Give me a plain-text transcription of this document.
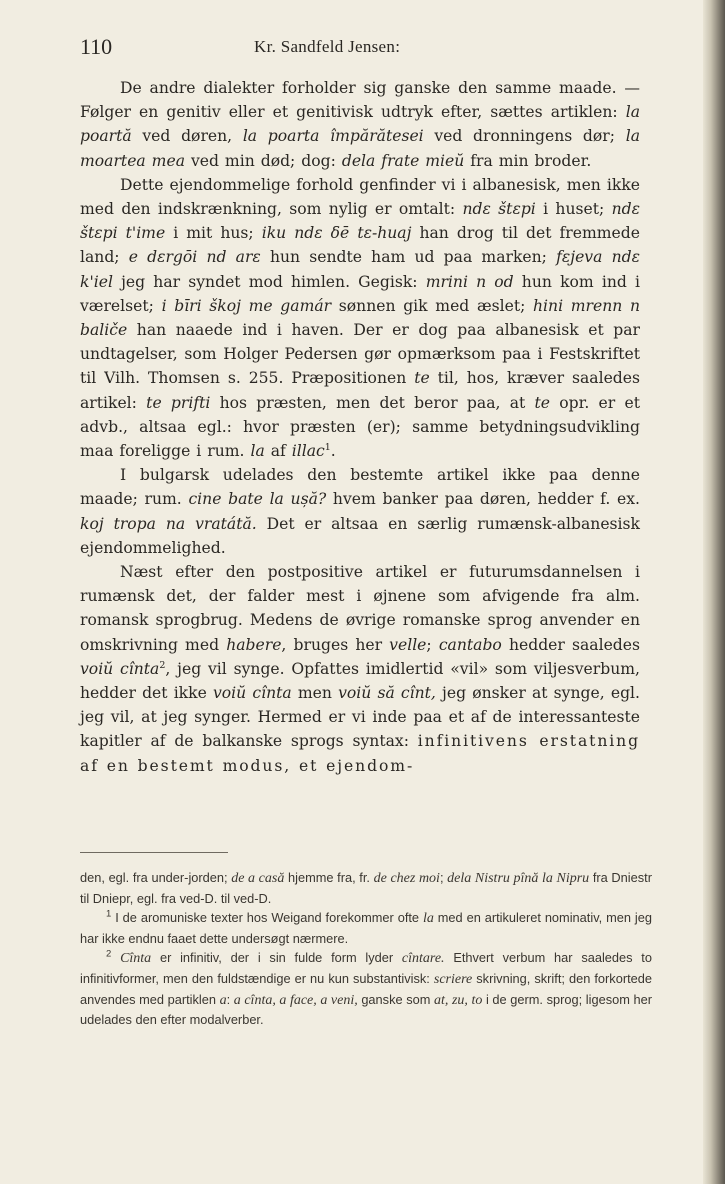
110	Kr. Sandfeld Jensen:

De andre dialekter forholder sig ganske den samme maade. — Følger en genitiv eller et genitivisk udtryk efter, sættes artiklen: la poartă ved døren, la poarta împărătesei ved dronningens dør; la moartea mea ved min død; dog: dela frate mieŭ fra min broder.

Dette ejendommelige forhold genfinder vi i albanesisk, men ikke med den indskrænkning, som nylig er omtalt: ndε štεpi i huset; ndε štεpi t'ime i mit hus; iku ndε δē tε-huaj han drog til det fremmede land; e dεrgōi nd arε hun sendte ham ud paa marken; fεjeva ndε k'iel jeg har syndet mod himlen. Gegisk: mrini n od hun kom ind i værelset; i bīri škoj me gamár sønnen gik med æslet; hini mrenn n baliče han naaede ind i haven. Der er dog paa albanesisk et par undtagelser, som Holger Pedersen gør opmærksom paa i Festskriftet til Vilh. Thomsen s. 255. Præpositionen te til, hos, kræver saaledes artikel: te prifti hos præsten, men det beror paa, at te opr. er et advb., altsaa egl.: hvor præsten (er); samme betydningsudvikling maa foreligge i rum. la af illac$^1$.

I bulgarsk udelades den bestemte artikel ikke paa denne maade; rum. cine bate la ușă? hvem banker paa døren, hedder f. ex. koj tropa na vratátă. Det er altsaa en særlig rumænsk-albanesisk ejendommelighed.

Næst efter den postpositive artikel er futurumsdannelsen i rumænsk det, der falder mest i øjnene som afvigende fra alm. romansk sprogbrug. Medens de øvrige romanske sprog anvender en omskrivning med habere, bruges her velle; cantabo hedder saaledes voiŭ cînta$^2$, jeg vil synge. Opfattes imidlertid «vil» som viljesverbum, hedder det ikke voiŭ cînta men voiŭ să cînt, jeg ønsker at synge, egl. jeg vil, at jeg synger. Hermed er vi inde paa et af de interessanteste kapitler af de balkanske sprogs syntax: infinitivens erstatning af en bestemt modus, et ejendom-

den, egl. fra under-jorden; de a casă hjemme fra, fr. de chez moi; dela Nistru pînă la Nipru fra Dniestr til Dniepr, egl. fra ved-D. til ved-D.

$^1$ I de aromuniske texter hos Weigand forekommer ofte la med en artikuleret nominativ, men jeg har ikke endnu faaet dette undersøgt nærmere.

$^2$ Cînta er infinitiv, der i sin fulde form lyder cîntare. Ethvert verbum har saaledes to infinitivformer, men den fuldstændige er nu kun substantivisk: scriere skrivning, skrift; den forkortede anvendes med partiklen a: a cînta, a face, a veni, ganske som at, zu, to i de germ. sprog; ligesom her udelades den efter modalverber.
